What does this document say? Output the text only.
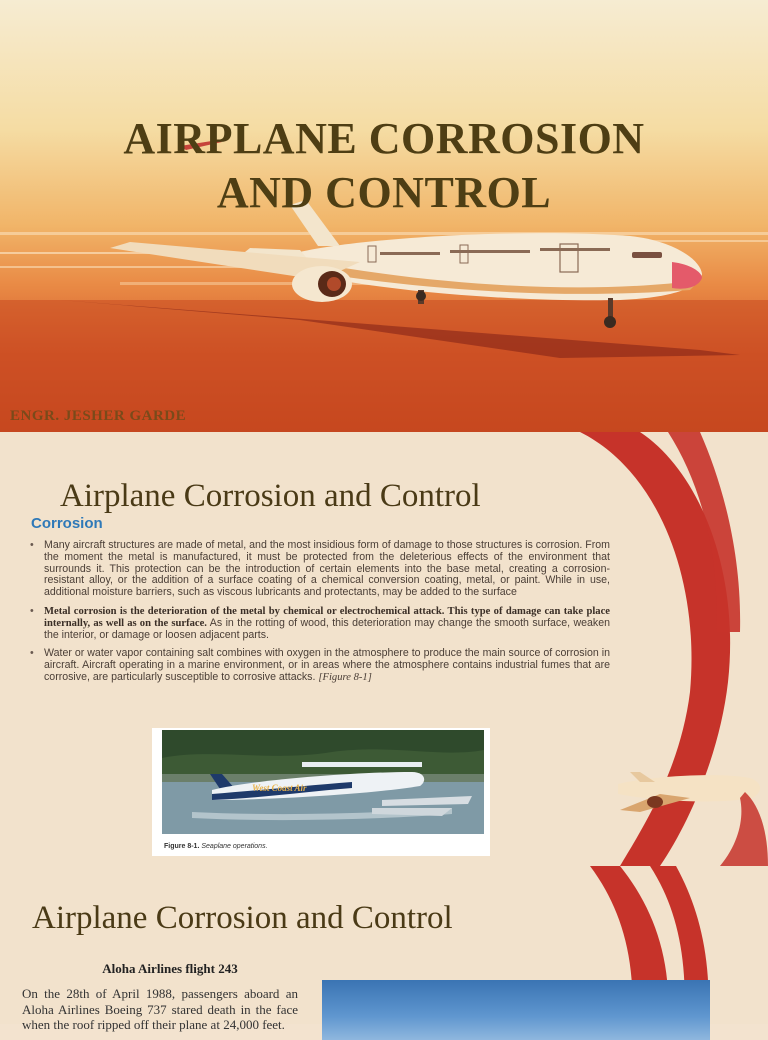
AIRPLANE CORROSION
AND CONTROL
ENGR. JESHER GARDE
Airplane Corrosion and Control
Corrosion
• Many aircraft structures are made of metal, and the most insidious form of damage to those structures is corrosion. From the moment the metal is manufactured, it must be protected from the deleterious effects of the environment that surrounds it. This protection can be the introduction of certain elements into the base metal, creating a corrosion-resistant alloy, or the addition of a surface coating of a chemical conversion coating, metal, or paint. While in use, additional moisture barriers, such as viscous lubricants and protectants, may be added to the surface
• Metal corrosion is the deterioration of the metal by chemical or electrochemical attack. This type of damage can take place internally, as well as on the surface. As in the rotting of wood, this deterioration may change the smooth surface, weaken the interior, or damage or loosen adjacent parts.
• Water or water vapor containing salt combines with oxygen in the atmosphere to produce the main source of corrosion in aircraft. Aircraft operating in a marine environment, or in areas where the atmosphere contains industrial fumes that are corrosive, are particularly susceptible to corrosive attacks. [Figure 8-1]
West Coast Air
Figure 8-1. Seaplane operations.
Airplane Corrosion and Control
Aloha Airlines flight 243
On the 28th of April 1988, passengers aboard an Aloha Airlines Boeing 737 stared death in the face when the roof ripped off their plane at 24,000 feet.
